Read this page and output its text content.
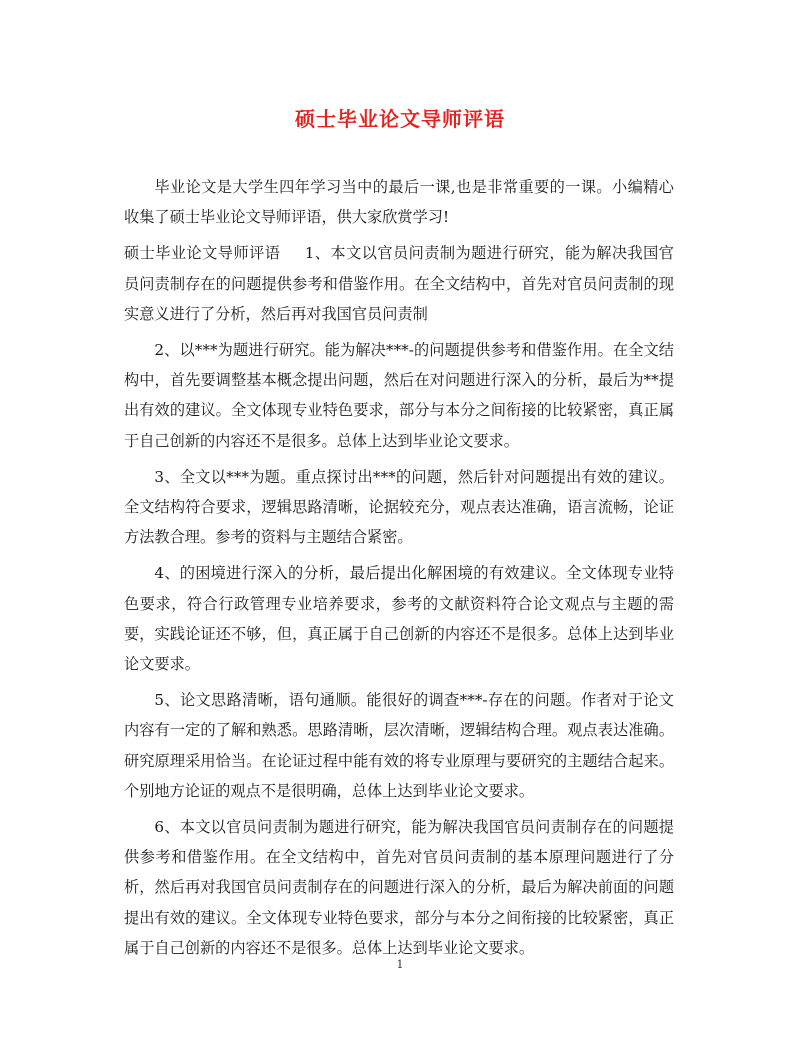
硕士毕业论文导师评语

毕业论文是大学生四年学习当中的最后一课,也是非常重要的一课。小编精心收集了硕士毕业论文导师评语，供大家欣赏学习!

硕士毕业论文导师评语 1、本文以官员问责制为题进行研究，能为解决我国官员问责制存在的问题提供参考和借鉴作用。在全文结构中，首先对官员问责制的现实意义进行了分析，然后再对我国官员问责制

2、以***为题进行研究。能为解决***-的问题提供参考和借鉴作用。在全文结构中，首先要调整基本概念提出问题，然后在对问题进行深入的分析，最后为**提出有效的建议。全文体现专业特色要求，部分与本分之间衔接的比较紧密，真正属于自己创新的内容还不是很多。总体上达到毕业论文要求。

3、全文以***为题。重点探讨出***的问题，然后针对问题提出有效的建议。全文结构符合要求，逻辑思路清晰，论据较充分，观点表达准确，语言流畅，论证方法教合理。参考的资料与主题结合紧密。

4、的困境进行深入的分析，最后提出化解困境的有效建议。全文体现专业特色要求，符合行政管理专业培养要求，参考的文献资料符合论文观点与主题的需要，实践论证还不够，但，真正属于自己创新的内容还不是很多。总体上达到毕业论文要求。

5、论文思路清晰，语句通顺。能很好的调查***-存在的问题。作者对于论文内容有一定的了解和熟悉。思路清晰，层次清晰，逻辑结构合理。观点表达准确。研究原理采用恰当。在论证过程中能有效的将专业原理与要研究的主题结合起来。个别地方论证的观点不是很明确，总体上达到毕业论文要求。

6、本文以官员问责制为题进行研究，能为解决我国官员问责制存在的问题提供参考和借鉴作用。在全文结构中，首先对官员问责制的基本原理问题进行了分析，然后再对我国官员问责制存在的问题进行深入的分析，最后为解决前面的问题提出有效的建议。全文体现专业特色要求，部分与本分之间衔接的比较紧密，真正属于自己创新的内容还不是很多。总体上达到毕业论文要求。

1
